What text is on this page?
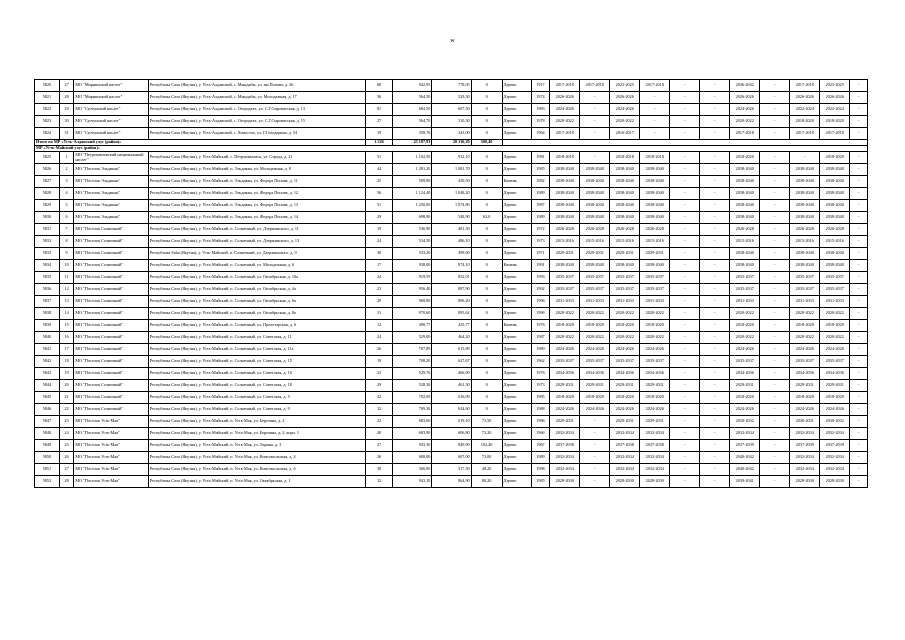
w
5820	27	МО "Мирнинский наслег"	Республика Саха (Якутия), у. Усть-Алданский, с. Мындабы, ул. им.Попова, д. 26	68	942,95	778,05	0	Дерево	1917	2017-2018	2017-2018	2023-2025	2017-2018	-	-	2036-2042	-	2017-2018	2023-2025	-
5821	28	МО "Мирнинский наслег"	Республика Саха (Якутия), у. Усть-Алданский, с. Мындабы, ул. Молодежная, д. 17	36	564,50	529,30	0	Дерево	1974	2026-2026	-	2026-2026	-	-	-	2026-2026	-	2026-2026	2026-2026	-
5822	29	МО "Суотунский наслег"	Республика Саха (Якутия), у. Усть-Алданский, с. Огородтах, ул. С.Г.Сыроватская, д. 13	81	684,50	607,50	0	Дерево	1983	2024-2026	-	2024-2026	-	-	-	2024-2026	-	2022-2024	2022-2024	-
5823	30	МО "Суотунский наслег"	Республика Саха (Якутия), у. Усть-Алданский, с. Огородтах, ул. С.Г.Сыроватская, д. 15	27	564,70	510,30	0	Дерево	1978	2020-2022	-	2020-2022	-	-	-	2020-2022	-	2018-2020	2018-2020	-
5824	31	МО "Суотунский наслег"	Республика Саха (Якутия), у. Усть-Алданский, с. Хомустах, ул. Г.Гольдерина, д. 54	19	358,70	343,00	0	Дерево	1964	2017-2018	-	2016-2017	-	-	-	2017-2018	-	2017-2018	2017-2018	-
Итого по МР «Усть-Алданский улус (район)»				1 226	25 187,93	20 136,29	500,40													
МР «Усть-Майский улус (район)»																				
5825	1	МО "Петропавловский национальный наслег"	Республика Саха (Якутия), у. Усть-Майский, с. Петропавловск, ул. Строда, д. 21	51	1 102,50	932,10	0	Дерево	1981	2018-2018	-	2018-2018	2018-2018	-	-	2018-2020	-	-	2018-2020	-
5826	2	МО "Поселок Эльдикан"	Республика Саха (Якутия), у. Усть-Майский, п. Эльдикан, ул. Молодежная, д. 8	44	1 281,20	1 081,70	0	Дерево	1985	2038-2040	2038-2040	2038-2040	2038-2040	-	-	2038-2040	-	2038-2040	2038-2040	-
5827	3	МО "Поселок Эльдикан"	Республика Саха (Якутия), у. Усть-Майский, п. Эльдикан, ул. Федора Попова, д. 11	25	509,00	430,50	0	Камень	1982	2038-2040	2038-2040	2038-2040	2038-2040	-	-	2038-2040	-	2038-2040	2038-2040	-
5828	4	МО "Поселок Эльдикан"	Республика Саха (Якутия), у. Усть-Майский, п. Эльдикан, ул. Федора Попова, д. 12	56	1 124,40	1 048,20	0	Дерево	1989	2038-2040	2038-2040	2038-2040	2038-2040	-	-	2038-2040	-	2038-2040	2038-2040	-
5829	5	МО "Поселок Эльдикан"	Республика Саха (Якутия), у. Усть-Майский, п. Эльдикан, ул. Федора Попова, д. 13	51	1 250,00	1 074,80	0	Дерево	1987	2038-2040	2038-2040	2038-2040	2038-2040	-	-	2038-2040	-	2038-2040	2038-2040	-
5830	6	МО "Поселок Эльдикан"	Республика Саха (Якутия), у. Усть-Майский, п. Эльдикан, ул. Федора Попова, д. 14	29	698,90	548,90	62,0	Дерево	1989	2038-2040	2038-2040	2038-2040	2038-2040	-	-	2038-2040	-	2038-2040	2038-2040	-
5831	7	МО "Поселок Солнечный"	Республика Саха (Якутия), у. Усть-Майский, п. Солнечный, ул. Дзержинского, д. 11	19	536,90	481,30	0	Дерево	1972	2026-2028	2026-2028	2026-2028	2026-2028	-	-	2026-2028	-	2026-2028	2026-2028	-
5832	8	МО "Поселок Солнечный"	Республика Саха (Якутия), у. Усть-Майский, п. Солнечный, ул. Дзержинского, д. 13	24	534,50	486,10	0	Дерево	1973	2015-2016	2015-2016	2015-2016	2015-2016	-	-	2015-2016	-	2015-2016	2015-2016	-
5833	9	МО "Поселок Солнечный"	Республика Saha (Якутия), у. Усть-Майский, п. Солнечный, ул. Дзержинского, д. 9	30	533,20	499,60	0	Дерево	1971	2029-2031	2029-2031	2029-2031	2029-2031	-	-	2038-2040	-	2038-2040	2038-2040	-
5834	10	МО "Поселок Солнечный"	Республика Саха (Якутия), у. Усть-Майский, п. Солнечный, ул. Молодежная, д. 6	17	938,00	874,10	0	Камень	1991	2038-2040	2038-2040	2038-2040	2038-2040	-	-	2038-2040	-	2038-2040	2038-2040	-
5835	11	МО "Поселок Солнечный"	Республика Саха (Якутия), у. Усть-Майский, п. Солнечный, ул. Октябрьская, д. 10а	24	919,59	852,01	0	Дерево	1993	2035-2037	2035-2037	2035-2037	2035-2037	-	-	2035-2037	-	2035-2037	2035-2037	-
5836	12	МО "Поселок Солнечный"	Республика Саха (Якутия), у. Усть-Майский, п. Солнечный, ул. Октябрьская, д. 4а	23	956,40	887,90	0	Дерево	1992	2035-2037	2035-2037	2035-2037	2035-2037	-	-	2035-2037	-	2035-2037	2035-2037	-
5837	13	МО "Поселок Солнечный"	Республика Саха (Якутия), у. Усть-Майский, п. Солнечный, ул. Октябрьская, д. 6а	29	968,80	896,20	0	Дерево	1996	2031-2033	2031-2033	2031-2033	2031-2033	-	-	2031-2033	-	2031-2033	2031-2033	-
5838	14	МО "Поселок Солнечный"	Республика Саха (Якутия), у. Усть-Майский, п. Солнечный, ул. Октябрьская, д. 8а	31	970,60	895,62	0	Дерево	1996	2020-2022	2020-2022	2020-2022	2020-2022	-	-	2020-2022	-	2020-2022	2020-2022	-
5839	15	МО "Поселок Солнечный"	Республика Саха (Якутия), у. Усть-Майский, п. Солнечный, ул. Пролетарская, д. 6	12	490,77	435,77	0	Камень	1976	2018-2020	2018-2020	2018-2020	2018-2020	-	-	2018-2020	-	2018-2020	2018-2020	-
5840	16	МО "Поселок Солнечный"	Республика Саха (Якутия), у. Усть-Майский, п. Солнечный, ул. Советская, д. 11	24	529,00	464,20	0	Дерево	1987	2020-2022	2020-2022	2020-2022	2020-2022	-	-	2020-2022	-	2020-2022	2020-2022	-
5841	17	МО "Поселок Солнечный"	Республика Саха (Якутия), у. Усть-Майский, п. Солнечный, ул. Советская, д. 11а	26	707,89	615,89	0	Дерево	1989	2024-2026	2024-2026	2024-2026	2024-2026	-	-	2024-2026	-	2024-2026	2024-2026	-
5842	18	МО "Поселок Солнечный"	Республика Саха (Якутия), у. Усть-Майский, п. Солнечный, ул. Советская, д. 15	19	708,20	627,67	0	Дерево	1962	2035-2037	2035-2037	2035-2037	2035-2037	-	-	2035-2037	-	2035-2037	2035-2037	-
5843	19	МО "Поселок Солнечный"	Республика Саха (Якутия), у. Усть-Майский, п. Солнечный, ул. Советская, д. 16	23	529,70	466,90	0	Дерево	1976	2034-2036	2034-2036	2034-2036	2034-2036	-	-	2034-2036	-	2034-2036	2034-2036	-
5844	20	МО "Поселок Солнечный"	Республика Саха (Якутия), у. Усть-Майский, п. Солнечный, ул. Советская, д. 18	29	528,30	461,30	0	Дерево	1973	2029-2031	2029-2031	2029-2031	2029-2031	-	-	2029-2031	-	2029-2031	2029-2031	-
5845	21	МО "Поселок Солнечный"	Республика Саха (Якутия), у. Усть-Майский, п. Солнечный, ул. Советская, д. 5	42	702,09	616,09	0	Дерево	1985	2018-2020	2018-2020	2018-2020	2018-2020	-	-	2018-2020	-	2018-2020	2018-2020	-
5846	22	МО "Поселок Солнечный"	Республика Саха (Якутия), у. Усть-Майский, п. Солнечный, ул. Советская, д. 9	32	709,30	634,60	0	Дерево	1988	2024-2026	2024-2026	2024-2026	2024-2026	-	-	2024-2026	-	2024-2026	2024-2026	-
5847	23	МО "Поселок Усть-Мая"	Республика Саха (Якутия), у. Усть-Майский, п. Усть-Мая, ул. Березина, д. 2	22	683,60	619,10	73,50	Дерево	1986	2029-2031	-	2029-2031	2029-2031	-	-	2030-2032	-	2030-2031	2030-2032	-
5848	24	МО "Поселок Усть-Мая"	Республика Саха (Якутия), у. Усть-Майский, п. Усть-Мая, ул. Березина, д. 2, корп. 1	20	683,90	606,80	73,20	Дерево	1966	2032-2034	-	2032-2034	2032-2034	-	-	2032-2034	-	2032-2034	2032-2034	-
5849	25	МО "Поселок Усть-Мая"	Республика Саха (Якутия), у. Усть-Майский, п. Усть-Мая, ул. Ларина, д. 3	27	943,30	849,90	102,40	Дерево	1967	2037-2038	-	2037-2038	2037-2038	-	-	2037-2039	-	2037-2039	2037-2039	-
5850	26	МО "Поселок Усть-Мая"	Республика Саха (Якутия), у. Усть-Майский, п. Усть-Мая, ул. Комсомольская, д. 4	26	680,00	607,00	73,00	Дерево	1989	2032-2034	-	2032-2034	2032-2034	-	-	2040-2042	-	2032-2034	2032-2034	-
5851	27	МО "Поселок Усть-Мая"	Республика Саха (Якутия), у. Усть-Майский, п. Усть-Мая, ул. Комсомольская, д. 6	38	366,00	317,30	48,20	Дерево	1998	2032-2034	-	2032-2034	2032-2034	-	-	2040-2042	-	2032-2034	2032-2034	-
5852	28	МО "Поселок Усть-Мая"	Республика Саха (Якутия), у. Усть-Майский, п. Усть-Мая, ул. Октябрьская, д. 1	32	943,10	864,90	80,20	Дерево	1985	2028-2030	-	2028-2030	2028-2030	-	-	2039-2041	-	2028-2030	2028-2030	-
